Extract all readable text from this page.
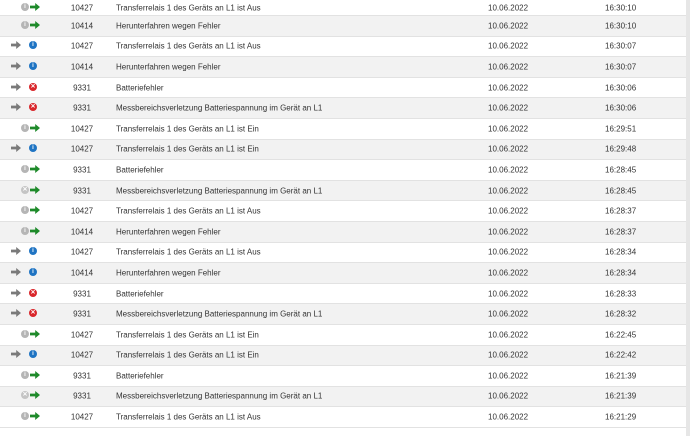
i	10427	Transferrelais 1 des Geräts an L1 ist Aus	10.06.2022	16:30:10
i	10414	Herunterfahren wegen Fehler	10.06.2022	16:30:10
i	10427	Transferrelais 1 des Geräts an L1 ist Aus	10.06.2022	16:30:07
i	10414	Herunterfahren wegen Fehler	10.06.2022	16:30:07
✕	9331	Batteriefehler	10.06.2022	16:30:06
✕	9331	Messbereichsverletzung Batteriespannung im Gerät an L1	10.06.2022	16:30:06
i	10427	Transferrelais 1 des Geräts an L1 ist Ein	10.06.2022	16:29:51
i	10427	Transferrelais 1 des Geräts an L1 ist Ein	10.06.2022	16:29:48
i	9331	Batteriefehler	10.06.2022	16:28:45
✕	9331	Messbereichsverletzung Batteriespannung im Gerät an L1	10.06.2022	16:28:45
i	10427	Transferrelais 1 des Geräts an L1 ist Aus	10.06.2022	16:28:37
i	10414	Herunterfahren wegen Fehler	10.06.2022	16:28:37
i	10427	Transferrelais 1 des Geräts an L1 ist Aus	10.06.2022	16:28:34
i	10414	Herunterfahren wegen Fehler	10.06.2022	16:28:34
✕	9331	Batteriefehler	10.06.2022	16:28:33
✕	9331	Messbereichsverletzung Batteriespannung im Gerät an L1	10.06.2022	16:28:32
i	10427	Transferrelais 1 des Geräts an L1 ist Ein	10.06.2022	16:22:45
i	10427	Transferrelais 1 des Geräts an L1 ist Ein	10.06.2022	16:22:42
i	9331	Batteriefehler	10.06.2022	16:21:39
✕	9331	Messbereichsverletzung Batteriespannung im Gerät an L1	10.06.2022	16:21:39
i	10427	Transferrelais 1 des Geräts an L1 ist Aus	10.06.2022	16:21:29
